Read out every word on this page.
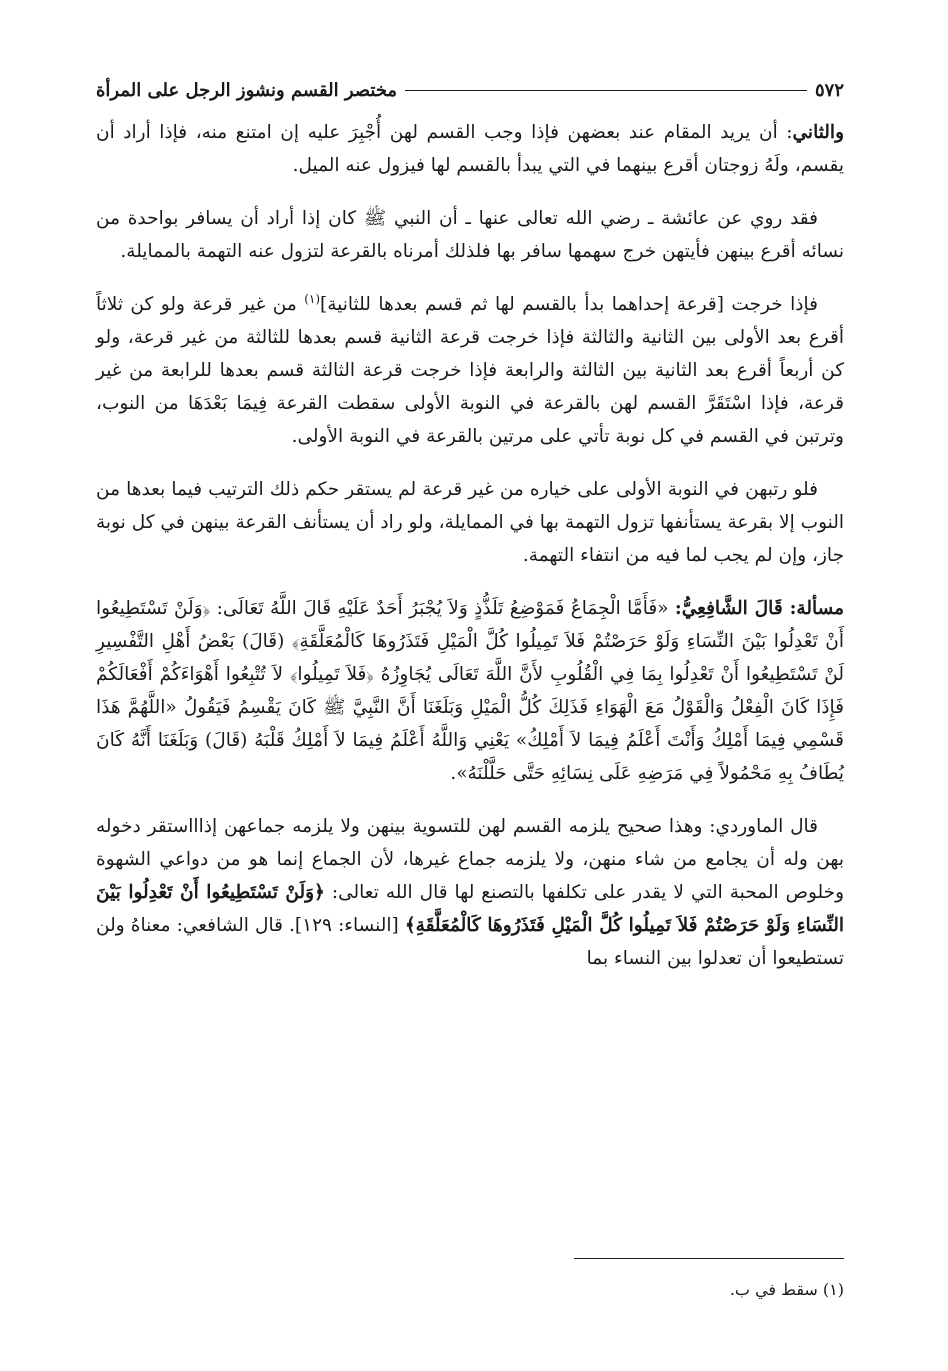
٥٧٢
مختصر القسم ونشوز الرجل على المرأة

والثاني: أن يريد المقام عند بعضهن فإذا وجب القسم لهن أُجْبِرَ عليه إن امتنع منه، فإذا أراد أن يقسم، ولَهُ زوجتان أقرع بينهما في التي يبدأ بالقسم لها فيزول عنه الميل.

فقد روي عن عائشة ـ رضي الله تعالى عنها ـ أن النبي ﷺ كان إذا أراد أن يسافر بواحدة من نسائه أقرع بينهن فأيتهن خرج سهمها سافر بها فلذلك أمرناه بالقرعة لتزول عنه التهمة بالممايلة.

فإذا خرجت [قرعة إحداهما بدأ بالقسم لها ثم قسم بعدها للثانية]$^{(١)}$ من غير قرعة ولو كن ثلاثاً أقرع بعد الأولى بين الثانية والثالثة فإذا خرجت قرعة الثانية قسم بعدها للثالثة من غير قرعة، ولو كن أربعاً أقرع بعد الثانية بين الثالثة والرابعة فإذا خرجت قرعة الثالثة قسم بعدها للرابعة من غير قرعة، فإذا اسْتَقَرَّ القسم لهن بالقرعة في النوبة الأولى سقطت القرعة فِيمَا بَعْدَهَا من النوب، وترتبن في القسم في كل نوبة تأتي على مرتين بالقرعة في النوبة الأولى.

فلو رتبهن في النوبة الأولى على خياره من غير قرعة لم يستقر حكم ذلك الترتيب فيما بعدها من النوب إلا بقرعة يستأنفها تزول التهمة بها في الممايلة، ولو راد أن يستأنف القرعة بينهن في كل نوبة جاز، وإن لم يجب لما فيه من انتفاء التهمة.

مسألة: قَالَ الشَّافِعِيُّ: «فَأَمَّا الْجِمَاعُ فَمَوْضِعُ تَلَذُّذٍ وَلاَ يُجْبَرُ أَحَدٌ عَلَيْهِ قَالَ اللَّهُ تَعَالَى: ﴿وَلَنْ تَسْتَطِيعُوا أَنْ تَعْدِلُوا بَيْنَ النِّسَاءِ وَلَوْ حَرَصْتُمْ فَلاَ تَمِيلُوا كُلَّ الْمَيْلِ فَتَذَرُوهَا كَالْمُعَلَّقَةِ﴾ (قَالَ) بَعْضُ أَهْلِ التَّفْسِيرِ لَنْ تَسْتَطِيعُوا أَنْ تَعْدِلُوا بِمَا فِي الْقُلُوبِ لأَنَّ اللَّهَ تَعَالَى يُجَاوِزُهُ ﴿فَلاَ تَمِيلُوا﴾ لاَ تُتْبِعُوا أَهْوَاءَكُمْ أَفْعَالَكُمْ فَإِذَا كَانَ الْفِعْلُ وَالْقَوْلُ مَعَ الْهَوَاءِ فَذَلِكَ كُلُّ الْمَيْلِ وَبَلَغَنَا أَنَّ النَّبِيَّ ﷺ كَانَ يَقْسِمُ فَيَقُولُ «اللَّهُمَّ هَذَا قَسْمِي فِيمَا أَمْلِكُ وَأَنْتَ أَعْلَمُ فِيمَا لاَ أَمْلِكُ» يَعْنِي وَاللَّهُ أَعْلَمُ فِيمَا لاَ أَمْلِكُ قَلْبَهُ (قَالَ) وَبَلَغَنَا أَنَّهُ كَانَ يُطَافُ بِهِ مَحْمُولاً فِي مَرَضِهِ عَلَى نِسَائِهِ حَتَّى حَلَّلْنَهُ».

قال الماوردي: وهذا صحيح يلزمه القسم لهن للتسوية بينهن ولا يلزمه جماعهن إذاااستقر دخوله بهن وله أن يجامع من شاء منهن، ولا يلزمه جماع غيرها، لأن الجماع إنما هو من دواعي الشهوة وخلوص المحبة التي لا يقدر على تكلفها بالتصنع لها قال الله تعالى: ﴿وَلَنْ تَسْتَطِيعُوا أَنْ تَعْدِلُوا بَيْنَ النِّسَاءِ وَلَوْ حَرَصْتُمْ فَلاَ تَمِيلُوا كُلَّ الْمَيْلِ فَتَذَرُوهَا كَالْمُعَلَّقَةِ﴾ [النساء: ١٢٩]. قال الشافعي: معناهُ ولن تستطيعوا أن تعدلوا بين النساء بما

(١) سقط في ب.
